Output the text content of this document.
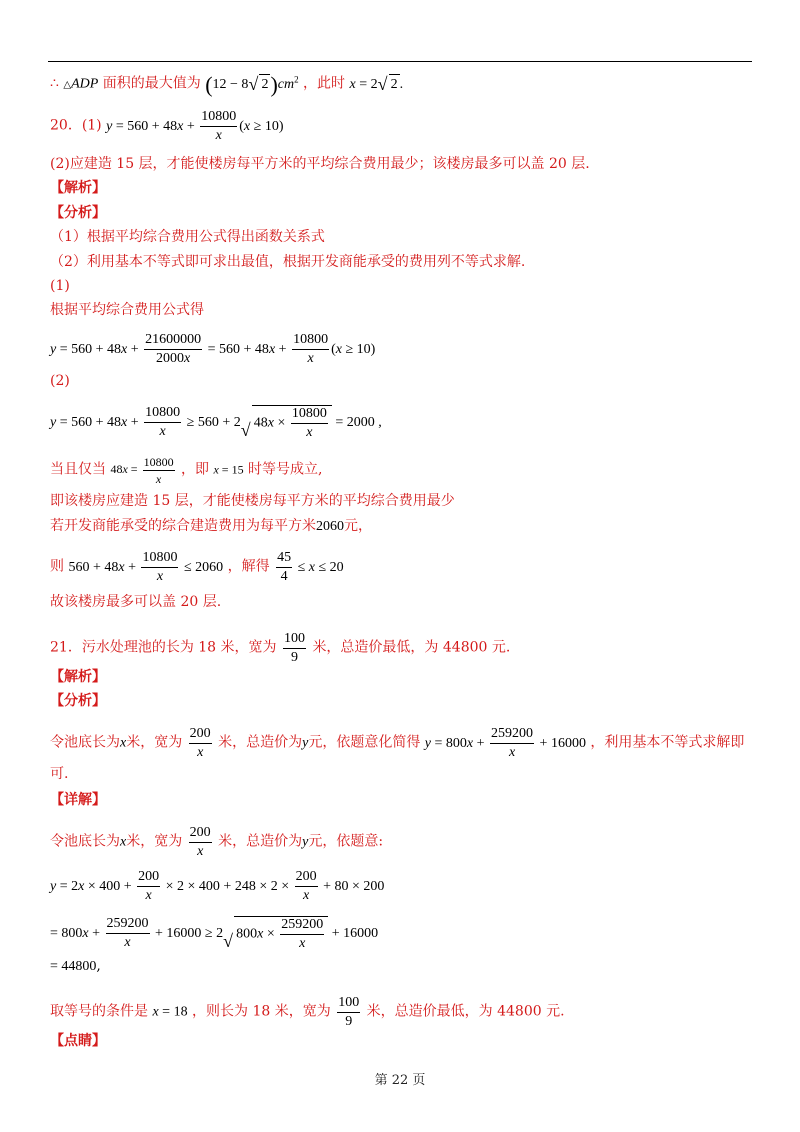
∴ △ADP 面积的最大值为 (12 − 8√ $2)cm^2$ ，此时 x = 2√ 2 .
20．(1) $y = 560 + 48x + \frac{10800}{x} (x \ge 10)$
(2)应建造 15 层，才能使楼房每平方米的平均综合费用最少；该楼房最多可以盖 20 层.
【解析】
【分析】
（1）根据平均综合费用公式得出函数关系式
（2）利用基本不等式即可求出最值，根据开发商能承受的费用列不等式求解.
(1)
根据平均综合费用公式得
$y = 560 + 48x + \frac{21600000}{2000x} = 560 + 48x + \frac{10800}{x} (x \ge 10)$
(2)
$y = 560 + 48x + \frac{10800}{x} \ge 560 + 2√$ $48x \times \frac{10800}{x} = 2000$ ,
当且仅当 $48x = \frac{10800}{x}$ ，即 x = 15 时等号成立,
即该楼房应建造 15 层，才能使楼房每平方米的平均综合费用最少
若开发商能承受的综合建造费用为每平方米2060元，
则 $560 + 48x + \frac{10800}{x} \le 2060$ ，解得 $\frac{45}{4} \le x \le 20$
故该楼房最多可以盖 20 层.
21．污水处理池的长为 18 米，宽为 $\frac{100}{9}$ 米，总造价最低，为 44800 元.
【解析】
【分析】
令池底长为x米，宽为 $\frac{200}{x}$ 米，总造价为y元，依题意化简得 $y = 800x + \frac{259200}{x} + 16000$ ，利用基本不等式求解即
可.
【详解】
令池底长为x米，宽为 $\frac{200}{x}$ 米，总造价为y元，依题意:
$y = 2x \times 400 + \frac{200}{x} \times 2 \times 400 + 248 \times 2 \times \frac{200}{x} + 80 \times 200$
= $800x + \frac{259200}{x} + 16000 \ge 2√$ $800x \times \frac{259200}{x} + 16000$
= 44800,
取等号的条件是 x = 18 ，则长为 18 米，宽为 $\frac{100}{9}$ 米，总造价最低，为 44800 元.
【点睛】
第 22 页
